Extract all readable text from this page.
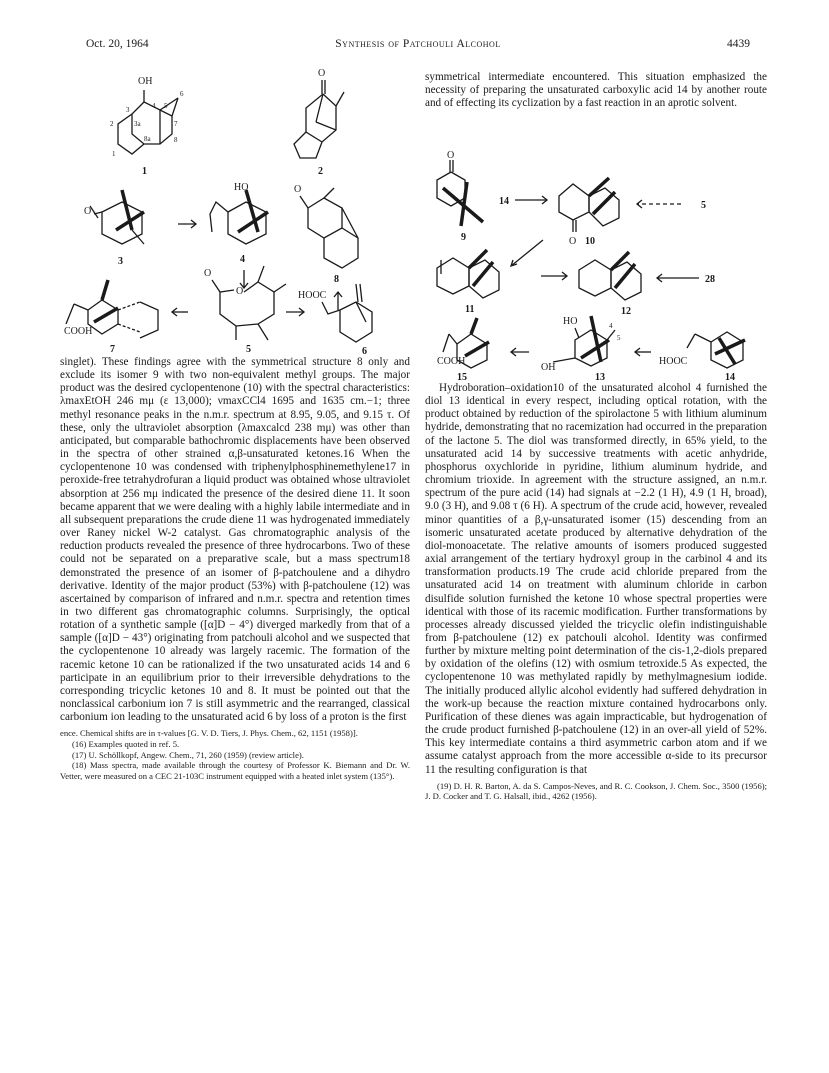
Oct. 20, 1964	Synthesis of Patchouli Alcohol	4439
OH
4 5
6
3
2	3a	7
8
8a
1
1
O
2
O
3
HO
4
O
8
COOH
7
O
O
5
HOOC
6

symmetrical intermediate encountered. This situation emphasized the necessity of preparing the unsaturated carboxylic acid 14 by another route and of effecting its cyclization by a fast reaction in an aprotic solvent.

O
9
14
O 10
5
11	12
28
COOH
15
HO	4
5
OH
13
HOOC
14

singlet). These findings agree with the symmetrical structure 8 only and exclude its isomer 9 with two non-equivalent methyl groups. The major product was the desired cyclopentenone (10) with the spectral characteristics: λmaxEtOH 246 mμ (ε 13,000); νmaxCCl4 1695 and 1635 cm.−1; three methyl resonance peaks in the n.m.r. spectrum at 8.95, 9.05, and 9.15 τ. Of these, only the ultraviolet absorption (λmaxcalcd 238 mμ) was other than anticipated, but comparable bathochromic displacements have been observed in the spectra of other strained α,β-unsaturated ketones.16 When the cyclopentenone 10 was condensed with triphenylphosphinemethylene17 in peroxide-free tetrahydrofuran a liquid product was obtained whose ultraviolet absorption at 256 mμ indicated the presence of the desired diene 11. It soon became apparent that we were dealing with a highly labile intermediate and in all subsequent preparations the crude diene 11 was hydrogenated immediately over Raney nickel W-2 catalyst. Gas chromatographic analysis of the reduction products revealed the presence of three hydrocarbons. Two of these could not be separated on a preparative scale, but a mass spectrum18 demonstrated the presence of an isomer of β-patchoulene and a dihydro derivative. Identity of the major product (53%) with β-patchoulene (12) was ascertained by comparison of infrared and n.m.r. spectra and retention times in two different gas chromatographic columns. Surprisingly, the optical rotation of a synthetic sample ([α]D − 4°) diverged markedly from that of a sample ([α]D − 43°) originating from patchouli alcohol and we suspected that the cyclopentenone 10 already was largely racemic. The formation of the racemic ketone 10 can be rationalized if the two unsaturated acids 14 and 6 participate in an equilibrium prior to their irreversible dehydrations to the corresponding tricyclic ketones 10 and 8. It must be pointed out that the nonclassical carbonium ion 7 is still asymmetric and the rearranged, classical carbonium ion leading to the unsaturated acid 6 by loss of a proton is the first

ence. Chemical shifts are in τ-values [G. V. D. Tiers, J. Phys. Chem., 62, 1151 (1958)].

(16) Examples quoted in ref. 5.

(17) U. Schöllkopf, Angew. Chem., 71, 260 (1959) (review article).

(18) Mass spectra, made available through the courtesy of Professor K. Biemann and Dr. W. Vetter, were measured on a CEC 21-103C instrument equipped with a heated inlet system (135°).

Hydroboration–oxidation10 of the unsaturated alcohol 4 furnished the diol 13 identical in every respect, including optical rotation, with the product obtained by reduction of the spirolactone 5 with lithium aluminum hydride, demonstrating that no racemization had occurred in the preparation of the lactone 5. The diol was transformed directly, in 65% yield, to the unsaturated acid 14 by successive treatments with acetic anhydride, phosphorus oxychloride in pyridine, lithium aluminum hydride, and chromium trioxide. In agreement with the structure assigned, an n.m.r. spectrum of the pure acid (14) had signals at −2.2 (1 H), 4.9 (1 H, broad), 9.0 (3 H), and 9.08 τ (6 H). A spectrum of the crude acid, however, revealed minor quantities of a β,γ-unsaturated isomer (15) descending from an isomeric unsaturated acetate produced by alternative dehydration of the diol-monoacetate. The relative amounts of isomers produced suggested axial arrangement of the tertiary hydroxyl group in the carbinol 4 and its transformation products.19 The crude acid chloride prepared from the unsaturated acid 14 on treatment with aluminum chloride in carbon disulfide solution furnished the ketone 10 whose spectral properties were identical with those of its racemic modification. Further transformations by processes already discussed yielded the tricyclic olefin indistinguishable from β-patchoulene (12) ex patchouli alcohol. Identity was confirmed further by mixture melting point determination of the cis-1,2-diols prepared by oxidation of the olefins (12) with osmium tetroxide.5 As expected, the cyclopentenone 10 was methylated rapidly by methylmagnesium iodide. The initially produced allylic alcohol evidently had suffered dehydration in the work-up because the reaction mixture contained hydrocarbons only. Purification of these dienes was again impracticable, but hydrogenation of the crude product furnished β-patchoulene (12) in an over-all yield of 52%. This key intermediate contains a third asymmetric carbon atom and if we assume catalyst approach from the more accessible α-side to its precursor 11 the resulting configuration is that

(19) D. H. R. Barton, A. da S. Campos-Neves, and R. C. Cookson, J. Chem. Soc., 3500 (1956); J. D. Cocker and T. G. Halsall, ibid., 4262 (1956).
